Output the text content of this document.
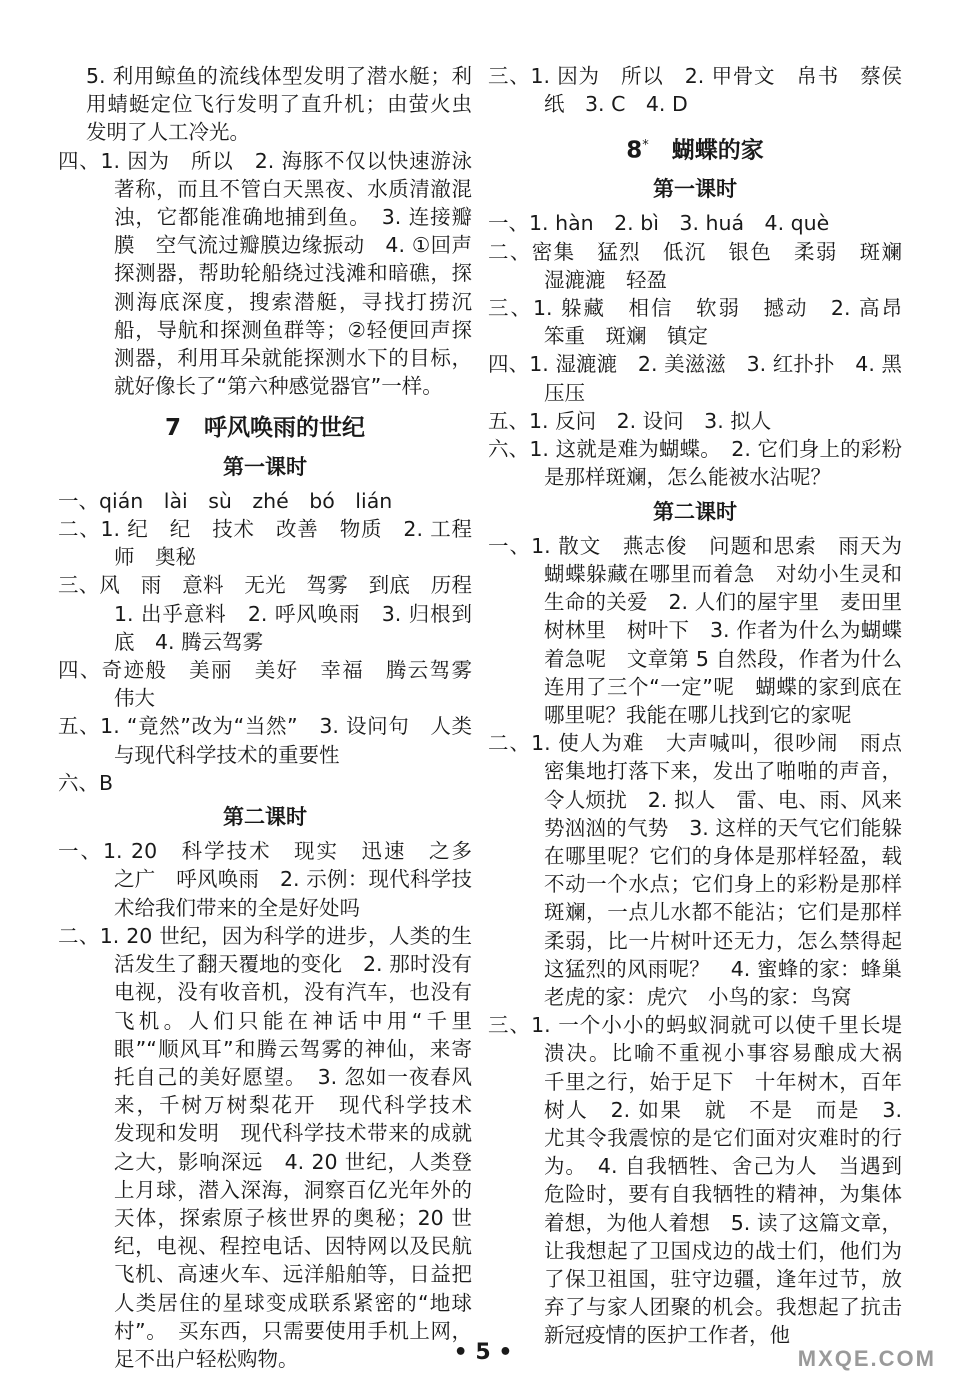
5. 利用鲸鱼的流线体型发明了潜水艇；利用蜻蜓定位飞行发明了直升机；由萤火虫发明了人工冷光。

四、1. 因为　所以　2. 海豚不仅以快速游泳著称，而且不管白天黑夜、水质清澈混浊，它都能准确地捕到鱼。　3. 连接瓣膜　空气流过瓣膜边缘振动　4. ①回声探测器，帮助轮船绕过浅滩和暗礁，探测海底深度，搜索潜艇，寻找打捞沉船，导航和探测鱼群等；②轻便回声探测器，利用耳朵就能探测水下的目标，就好像长了“第六种感觉器官”一样。

7　呼风唤雨的世纪
第一课时

一、qián　lài　sù　zhé　bó　lián

二、1. 纪　纪　技术　改善　物质　2. 工程师　奥秘

三、风　雨　意料　无光　驾雾　到底　历程　1. 出乎意料　2. 呼风唤雨　3. 归根到底　4. 腾云驾雾

四、奇迹般　美丽　美好　幸福　腾云驾雾　伟大

五、1. “竟然”改为“当然”　3. 设问句　人类与现代科学技术的重要性

六、B

第二课时

一、1. 20　科学技术　现实　迅速　之多　之广　呼风唤雨　2. 示例：现代科学技术给我们带来的全是好处吗

二、1. 20 世纪，因为科学的进步，人类的生活发生了翻天覆地的变化　2. 那时没有电视，没有收音机，没有汽车，也没有飞机。人们只能在神话中用“千里眼”“顺风耳”和腾云驾雾的神仙，来寄托自己的美好愿望。　3. 忽如一夜春风来，千树万树梨花开　现代科学技术　发现和发明　现代科学技术带来的成就之大，影响深远　4. 20 世纪，人类登上月球，潜入深海，洞察百亿光年外的天体，探索原子核世界的奥秘；20 世纪，电视、程控电话、因特网以及民航飞机、高速火车、远洋船舶等，日益把人类居住的星球变成联系紧密的“地球村”。　买东西，只需要使用手机上网，足不出户轻松购物。

三、1. 因为　所以　2. 甲骨文　帛书　蔡侯纸　3. C　4. D

8*　 蝴蝶的家
第一课时

一、1. hàn　2. bì　3. huá　4. què

二、密集　猛烈　低沉　银色　柔弱　斑斓　湿漉漉　轻盈

三、1. 躲藏　相信　软弱　撼动　2. 高昂　笨重　斑斓　镇定

四、1. 湿漉漉　2. 美滋滋　3. 红扑扑　4. 黑压压

五、1. 反问　2. 设问　3. 拟人

六、1. 这就是难为蝴蝶。　2. 它们身上的彩粉是那样斑斓，怎么能被水沾呢？

第二课时

一、1. 散文　燕志俊　问题和思索　雨天为蝴蝶躲藏在哪里而着急　对幼小生灵和生命的关爱　2. 人们的屋宇里　麦田里　树林里　树叶下　3. 作者为什么为蝴蝶着急呢　文章第 5 自然段，作者为什么连用了三个“一定”呢　蝴蝶的家到底在哪里呢？我能在哪儿找到它的家呢

二、1. 使人为难　大声喊叫，很吵闹　雨点密集地打落下来，发出了啪啪的声音，令人烦扰　2. 拟人　雷、电、雨、风来势汹汹的气势　3. 这样的天气它们能躲在哪里呢？它们的身体是那样轻盈，载不动一个水点；它们身上的彩粉是那样斑斓，一点儿水都不能沾；它们是那样柔弱，比一片树叶还无力，怎么禁得起这猛烈的风雨呢？　4. 蜜蜂的家：蜂巢　老虎的家：虎穴　小鸟的家：鸟窝

三、1. 一个小小的蚂蚁洞就可以使千里长堤溃决。比喻不重视小事容易酿成大祸　千里之行，始于足下　十年树木，百年树人　2. 如果　就　不是　而是　3. 尤其令我震惊的是它们面对灾难时的行为。　4. 自我牺牲、舍己为人　当遇到危险时，要有自我牺牲的精神，为集体着想，为他人着想　5. 读了这篇文章，让我想起了卫国戍边的战士们，他们为了保卫祖国，驻守边疆，逢年过节，放弃了与家人团聚的机会。我想起了抗击新冠疫情的医护工作者，他

• 5 •	MXQE.COM
